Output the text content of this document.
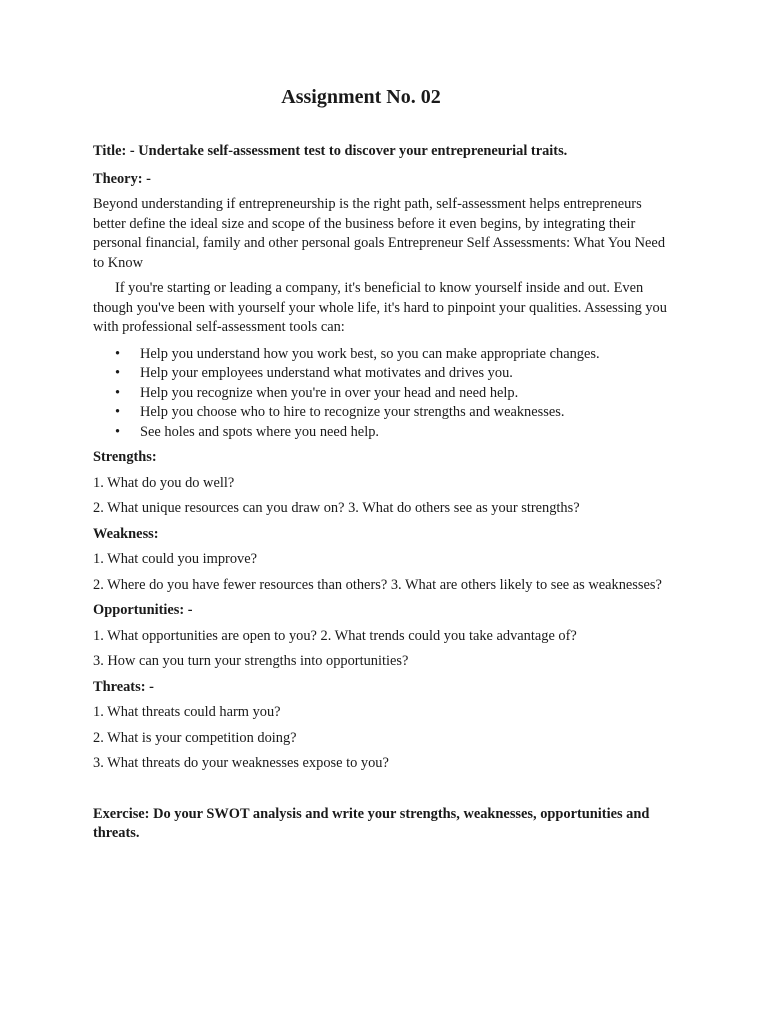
Assignment No. 02

Title: - Undertake self-assessment test to discover your entrepreneurial traits.

Theory: -

Beyond understanding if entrepreneurship is the right path, self-assessment helps entrepreneurs better define the ideal size and scope of the business before it even begins, by integrating their personal financial, family and other personal goals Entrepreneur Self Assessments: What You Need to Know

If you're starting or leading a company, it's beneficial to know yourself inside and out. Even though you've been with yourself your whole life, it's hard to pinpoint your qualities. Assessing you with professional self-assessment tools can:

• Help you understand how you work best, so you can make appropriate changes.
• Help your employees understand what motivates and drives you.
• Help you recognize when you're in over your head and need help.
• Help you choose who to hire to recognize your strengths and weaknesses.
• See holes and spots where you need help.

Strengths:

1. What do you do well?

2. What unique resources can you draw on? 3. What do others see as your strengths?

Weakness:

1. What could you improve?

2. Where do you have fewer resources than others? 3. What are others likely to see as weaknesses?

Opportunities: -

1. What opportunities are open to you? 2. What trends could you take advantage of?

3. How can you turn your strengths into opportunities?

Threats: -

1. What threats could harm you?

2. What is your competition doing?

3. What threats do your weaknesses expose to you?

Exercise: Do your SWOT analysis and write your strengths, weaknesses, opportunities and threats.
